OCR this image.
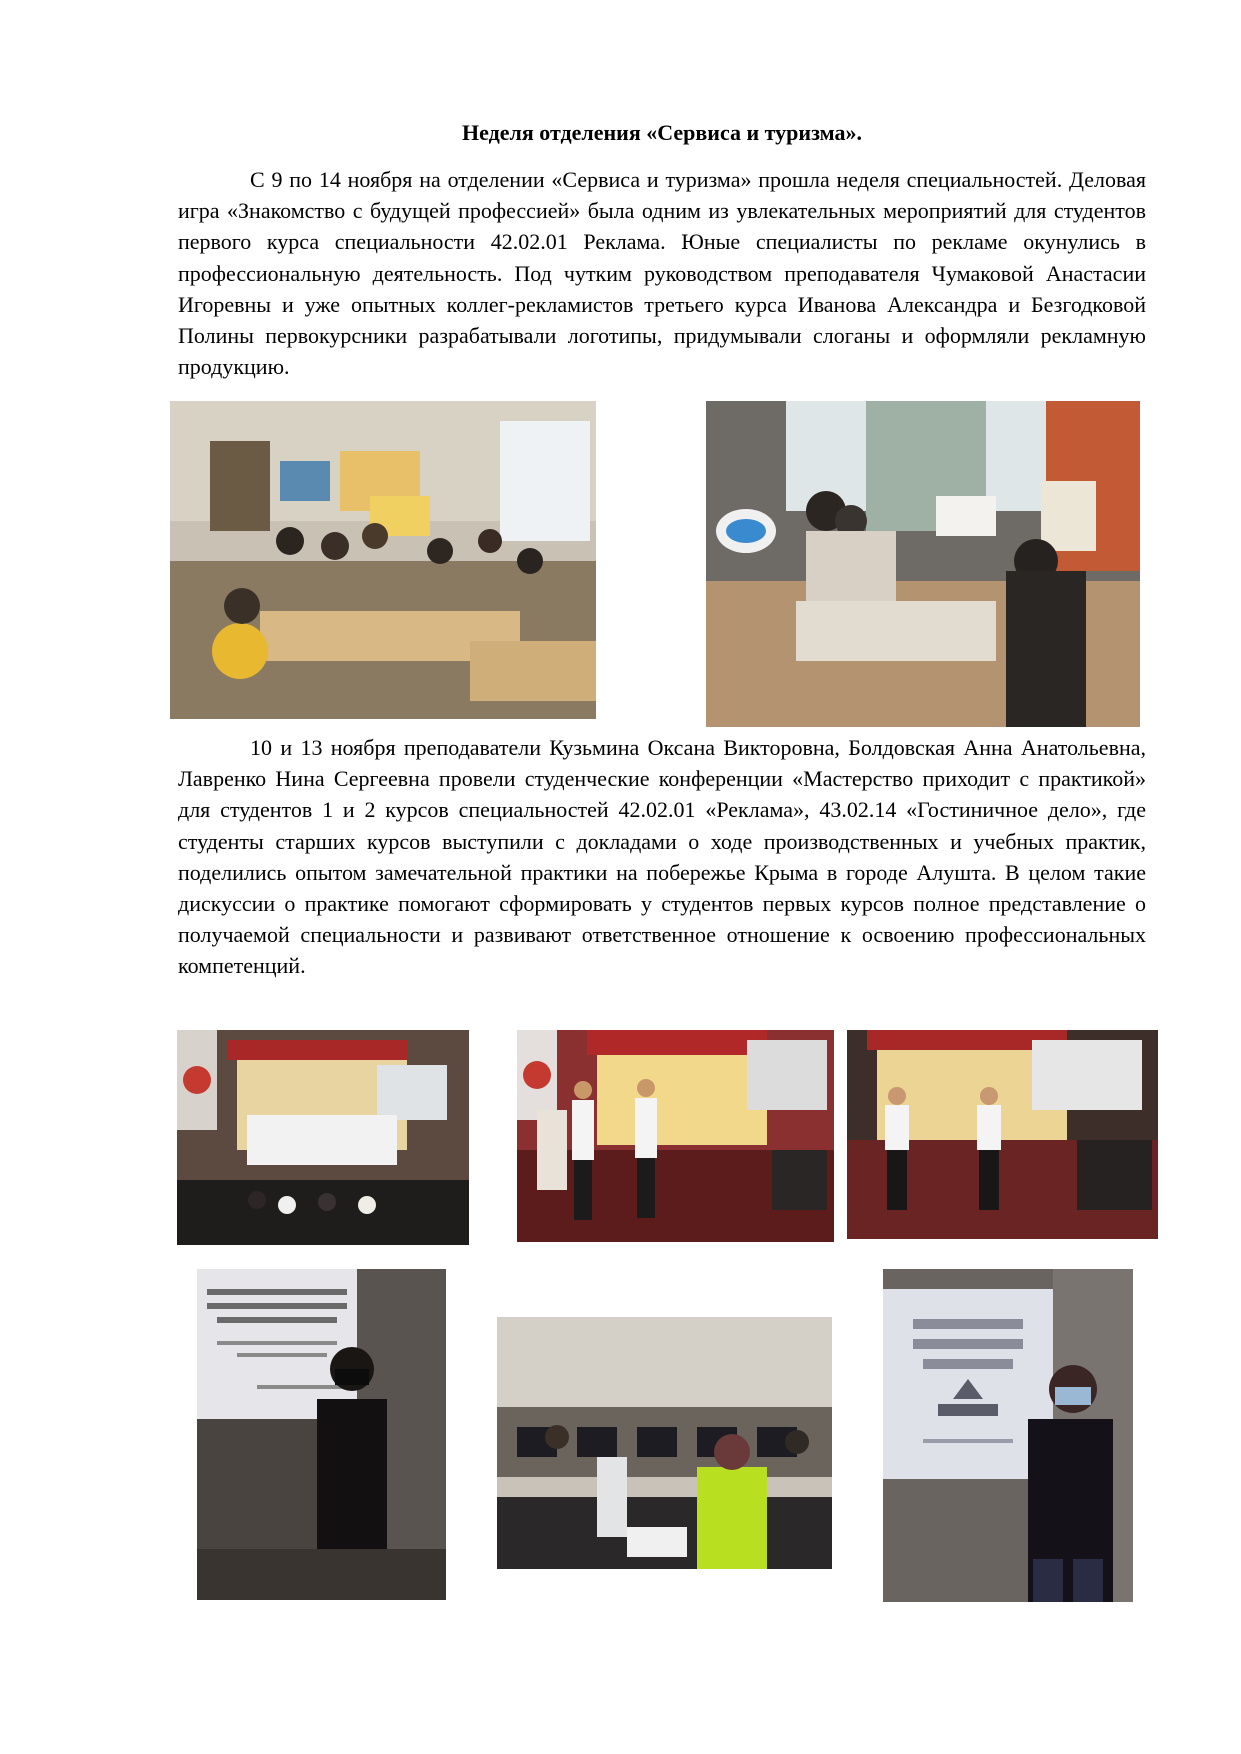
Неделя отделения «Сервиса и туризма».

С 9 по 14 ноября на отделении «Сервиса и туризма» прошла неделя специальностей. Деловая игра «Знакомство с будущей профессией» была одним из увлекательных мероприятий для студентов первого курса специальности 42.02.01 Реклама. Юные специалисты по рекламе окунулись в профессиональную деятельность. Под чутким руководством преподавателя Чумаковой Анастасии Игоревны и уже опытных коллег-рекламистов третьего курса Иванова Александра и Безгодковой Полины первокурсники разрабатывали логотипы, придумывали слоганы и оформляли рекламную продукцию.

10 и 13 ноября преподаватели Кузьмина Оксана Викторовна, Болдовская Анна Анатольевна, Лавренко Нина Сергеевна провели студенческие конференции «Мастерство приходит с практикой» для студентов 1 и 2 курсов специальностей 42.02.01 «Реклама», 43.02.14 «Гостиничное дело», где студенты старших курсов выступили с докладами о ходе производственных и учебных практик, поделились опытом замечательной практики на побережье Крыма в городе Алушта. В целом такие дискуссии о практике помогают сформировать у студентов первых курсов полное представление о получаемой специальности и развивают ответственное отношение к освоению профессиональных компетенций.
